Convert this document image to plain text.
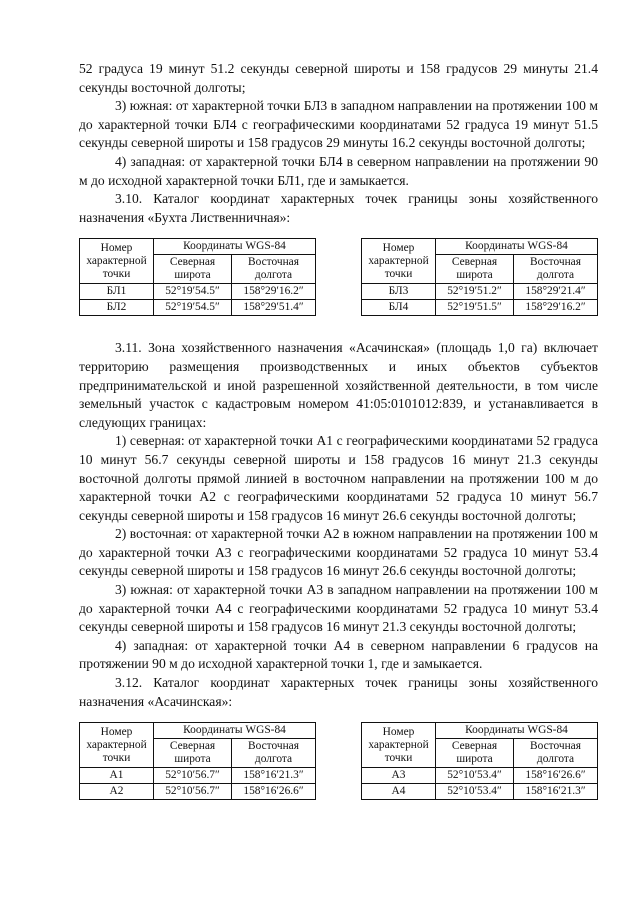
52 градуса 19 минут 51.2 секунды северной широты и 158 градусов 29 минуты 21.4 секунды восточной долготы;

3) южная: от характерной точки БЛ3 в западном направлении на протяжении 100 м до характерной точки БЛ4 с географическими координатами 52 градуса 19 минут 51.5 секунды северной широты и 158 градусов 29 минуты 16.2 секунды восточной долготы;

4) западная: от характерной точки БЛ4 в северном направлении на протяжении 90 м до исходной характерной точки БЛ1, где и замыкается.

3.10. Каталог координат характерных точек границы зоны хозяйственного назначения «Бухта Лиственничная»:

Номер характерной точки	Координаты WGS-84	
	Северная широта	Восточная долгота
БЛ1	52°19′54.5″	158°29′16.2″
БЛ2	52°19′54.5″	158°29′51.4″
Номер характерной точки	Координаты WGS-84	
	Северная широта	Восточная долгота
БЛ3	52°19′51.2″	158°29′21.4″
БЛ4	52°19′51.5″	158°29′16.2″

3.11. Зона хозяйственного назначения «Асачинская» (площадь 1,0 га) включает территорию размещения производственных и иных объектов субъектов предпринимательской и иной разрешенной хозяйственной деятельности, в том числе земельный участок с кадастровым номером 41:05:0101012:839, и устанавливается в следующих границах:

1) северная: от характерной точки А1 с географическими координатами 52 градуса 10 минут 56.7 секунды северной широты и 158 градусов 16 минут 21.3 секунды восточной долготы прямой линией в восточном направлении на протяжении 100 м до характерной точки А2 с географическими координатами 52 градуса 10 минут 56.7 секунды северной широты и 158 градусов 16 минут 26.6 секунды восточной долготы;

2) восточная: от характерной точки А2 в южном направлении на протяжении 100 м до характерной точки А3 с географическими координатами 52 градуса 10 минут 53.4 секунды северной широты и 158 градусов 16 минут 26.6 секунды восточной долготы;

3) южная: от характерной точки А3 в западном направлении на протяжении 100 м до характерной точки А4 с географическими координатами 52 градуса 10 минут 53.4 секунды северной широты и 158 градусов 16 минут 21.3 секунды восточной долготы;

4) западная: от характерной точки А4 в северном направлении 6 градусов на протяжении 90 м до исходной характерной точки 1, где и замыкается.

3.12. Каталог координат характерных точек границы зоны хозяйственного назначения «Асачинская»:

Номер характерной точки	Координаты WGS-84	
	Северная широта	Восточная долгота
А1	52°10′56.7″	158°16′21.3″
А2	52°10′56.7″	158°16′26.6″
Номер характерной точки	Координаты WGS-84	
	Северная широта	Восточная долгота
А3	52°10′53.4″	158°16′26.6″
А4	52°10′53.4″	158°16′21.3″
